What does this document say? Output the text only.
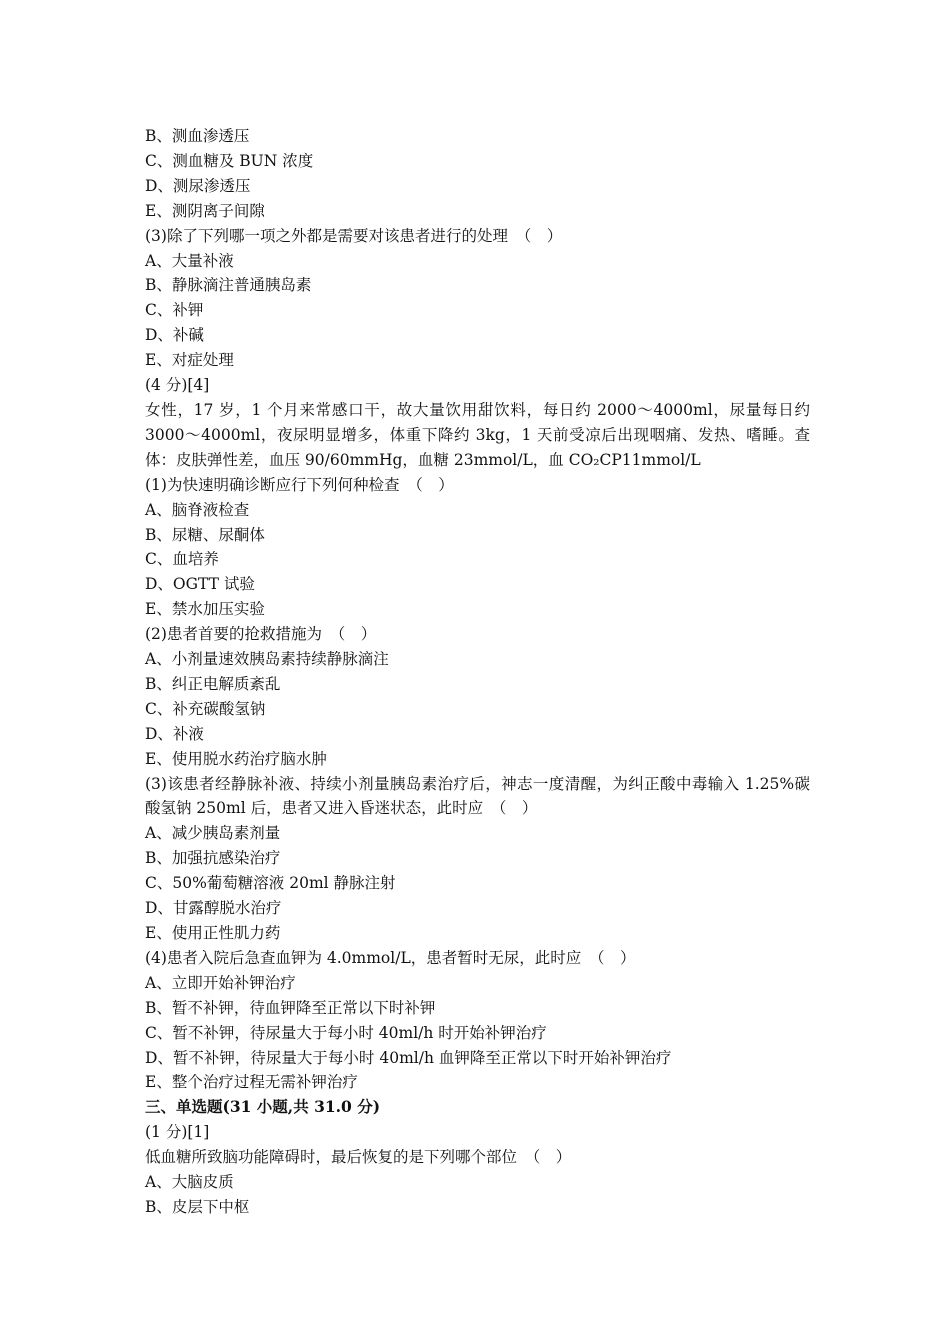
B、测血渗透压
C、测血糖及 BUN 浓度
D、测尿渗透压
E、测阴离子间隙
(3)除了下列哪一项之外都是需要对该患者进行的处理　（　）
A、大量补液
B、静脉滴注普通胰岛素
C、补钾
D、补碱
E、对症处理
(4 分)[4]
女性，17 岁，1 个月来常感口干，故大量饮用甜饮料，每日约 2000～4000ml，尿量每日约 3000～4000ml，夜尿明显增多，体重下降约 3kg，1 天前受凉后出现咽痛、发热、嗜睡。查体：皮肤弹性差，血压 90/60mmHg，血糖 23mmol/L，血 CO₂CP11mmol/L
(1)为快速明确诊断应行下列何种检查　（　）
A、脑脊液检查
B、尿糖、尿酮体
C、血培养
D、OGTT 试验
E、禁水加压实验
(2)患者首要的抢救措施为　（　）
A、小剂量速效胰岛素持续静脉滴注
B、纠正电解质紊乱
C、补充碳酸氢钠
D、补液
E、使用脱水药治疗脑水肿
(3)该患者经静脉补液、持续小剂量胰岛素治疗后，神志一度清醒，为纠正酸中毒输入 1.25%碳酸氢钠 250ml 后，患者又进入昏迷状态，此时应　（　）
A、减少胰岛素剂量
B、加强抗感染治疗
C、50%葡萄糖溶液 20ml 静脉注射
D、甘露醇脱水治疗
E、使用正性肌力药
(4)患者入院后急查血钾为 4.0mmol/L，患者暂时无尿，此时应　（　）
A、立即开始补钾治疗
B、暂不补钾，待血钾降至正常以下时补钾
C、暂不补钾，待尿量大于每小时 40ml/h 时开始补钾治疗
D、暂不补钾，待尿量大于每小时 40ml/h 血钾降至正常以下时开始补钾治疗
E、整个治疗过程无需补钾治疗
三、单选题(31 小题,共 31.0 分)
(1 分)[1]
低血糖所致脑功能障碍时，最后恢复的是下列哪个部位　（　）
A、大脑皮质
B、皮层下中枢
